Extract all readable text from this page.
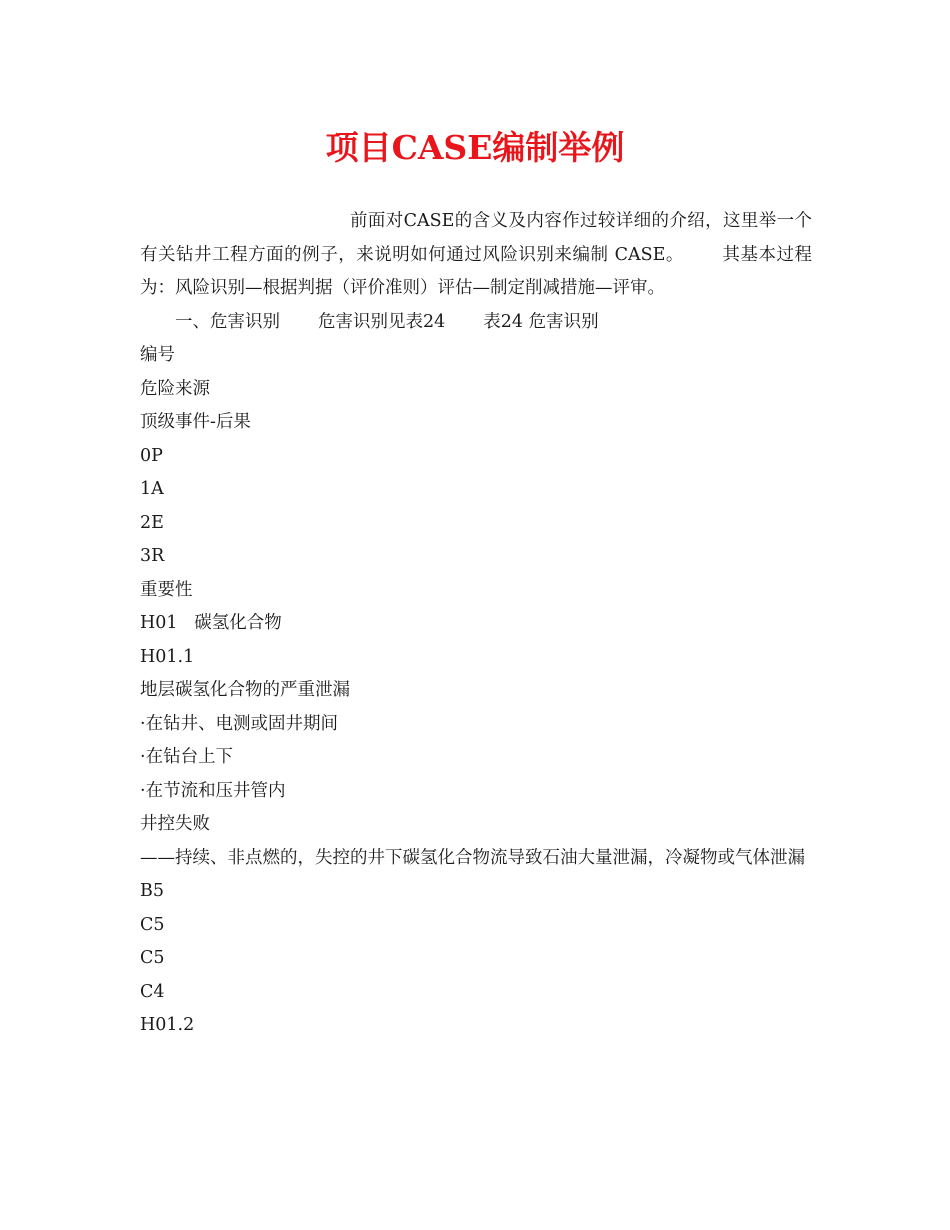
项目CASE编制举例

前面对CASE的含义及内容作过较详细的介绍，这里举一个有关钻井工程方面的例子，来说明如何通过风险识别来编制 CASE。 其基本过程为：风险识别—根据判据（评价准则）评估—制定削减措施—评审。

一、危害识别 危害识别见表24 表24 危害识别

编号

危险来源

顶级事件-后果

0P

1A

2E

3R

重要性

H01   碳氢化合物

H01.1

地层碳氢化合物的严重泄漏

·在钻井、电测或固井期间

·在钻台上下

·在节流和压井管内

井控失败

——持续、非点燃的，失控的井下碳氢化合物流导致石油大量泄漏，冷凝物或气体泄漏

B5

C5

C5

C4

H01.2
